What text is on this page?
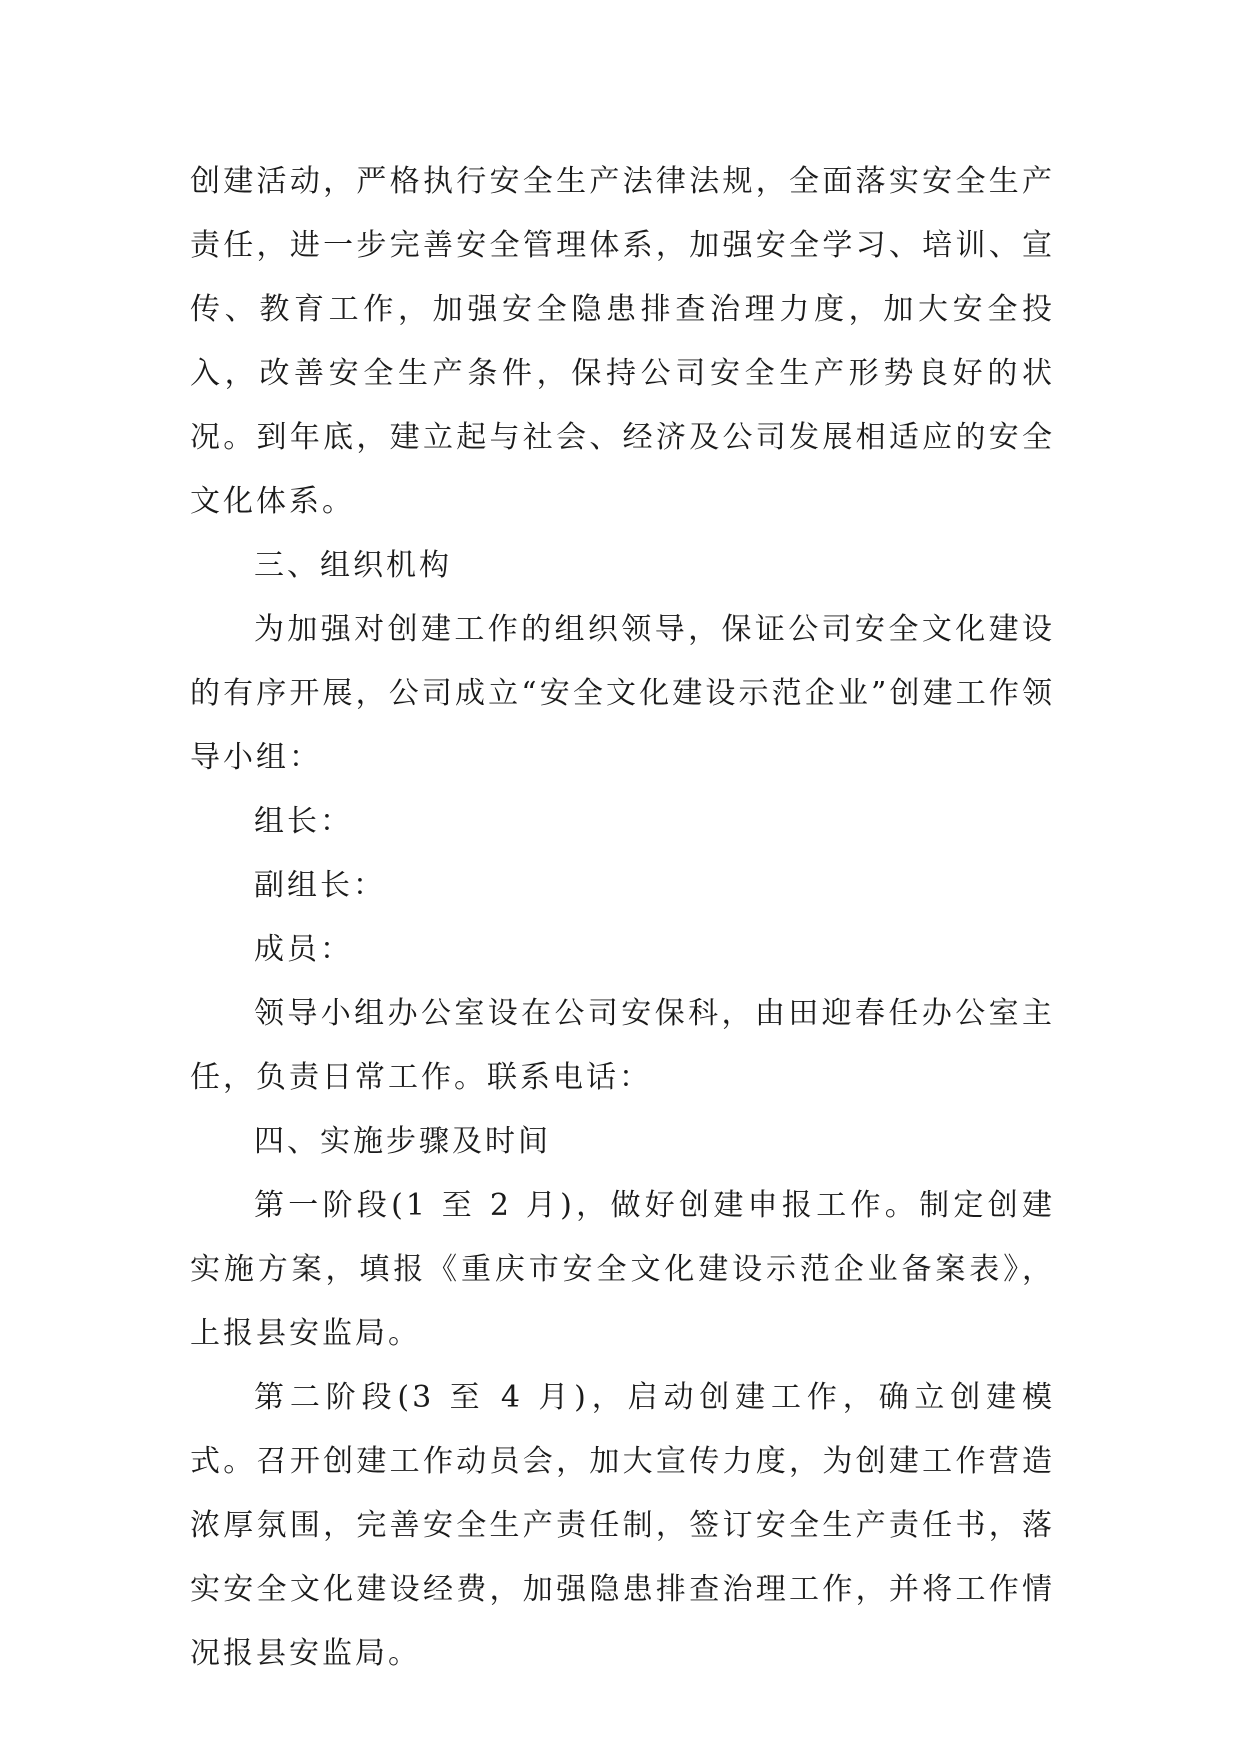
创建活动，严格执行安全生产法律法规，全面落实安全生产责任，进一步完善安全管理体系，加强安全学习、培训、宣传、教育工作，加强安全隐患排查治理力度，加大安全投入，改善安全生产条件，保持公司安全生产形势良好的状况。到年底，建立起与社会、经济及公司发展相适应的安全文化体系。

三、组织机构

为加强对创建工作的组织领导，保证公司安全文化建设的有序开展，公司成立“安全文化建设示范企业”创建工作领导小组：

组长：

副组长：

成员：

领导小组办公室设在公司安保科，由田迎春任办公室主任，负责日常工作。联系电话：

四、实施步骤及时间

第一阶段(1 至 2 月)，做好创建申报工作。制定创建实施方案，填报《重庆市安全文化建设示范企业备案表》，上报县安监局。

第二阶段(3 至 4 月)，启动创建工作，确立创建模式。召开创建工作动员会，加大宣传力度，为创建工作营造浓厚氛围，完善安全生产责任制，签订安全生产责任书，落实安全文化建设经费，加强隐患排查治理工作，并将工作情况报县安监局。
